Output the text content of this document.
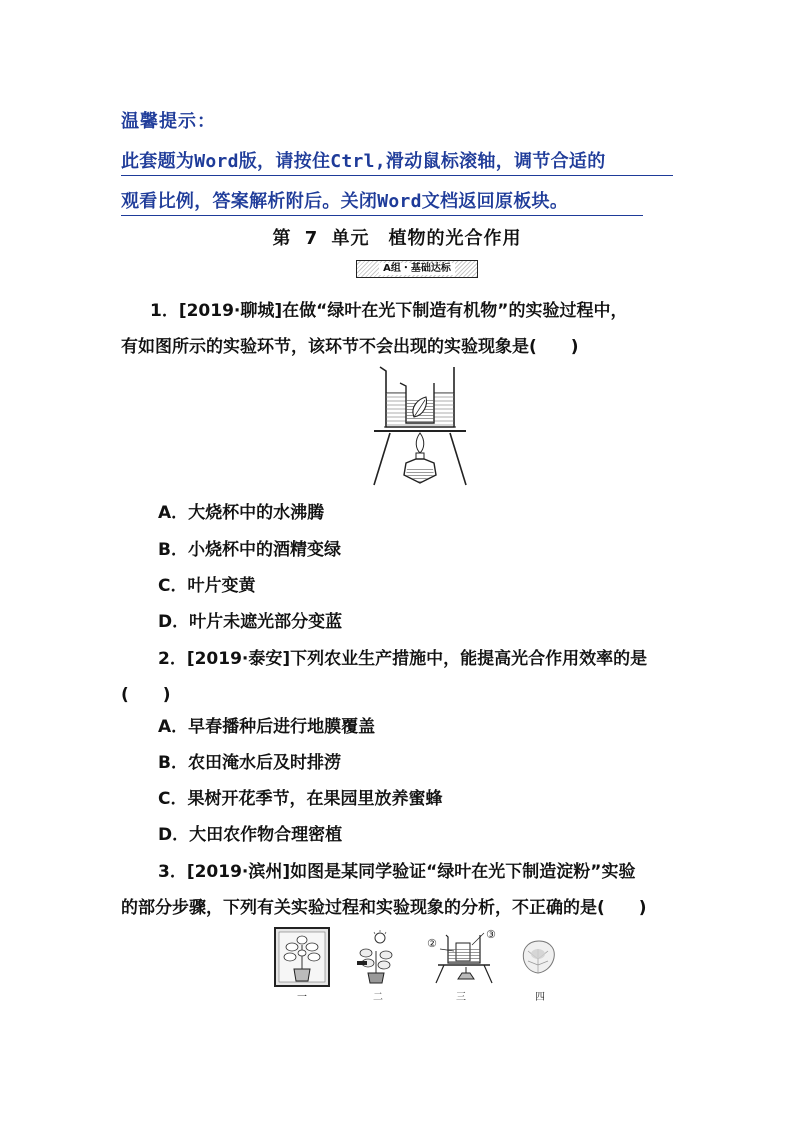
温馨提示：
此套题为Word版，请按住Ctrl,滑动鼠标滚轴，调节合适的
观看比例，答案解析附后。关闭Word文档返回原板块。
第 7 单元　植物的光合作用
A组・基础达标
1．[2019·聊城]在做“绿叶在光下制造有机物”的实验过程中，
有如图所示的实验环节，该环节不会出现的实验现象是(　　)
A．大烧杯中的水沸腾
B．小烧杯中的酒精变绿
C．叶片变黄
D．叶片未遮光部分变蓝
2．[2019·泰安]下列农业生产措施中，能提高光合作用效率的是
(　　)
A．早春播种后进行地膜覆盖
B．农田淹水后及时排涝
C．果树开花季节，在果园里放养蜜蜂
D．大田农作物合理密植
3．[2019·滨州]如图是某同学验证“绿叶在光下制造淀粉”实验
的部分步骤，下列有关实验过程和实验现象的分析，不正确的是(　　)
一	二
②
③
三	四
